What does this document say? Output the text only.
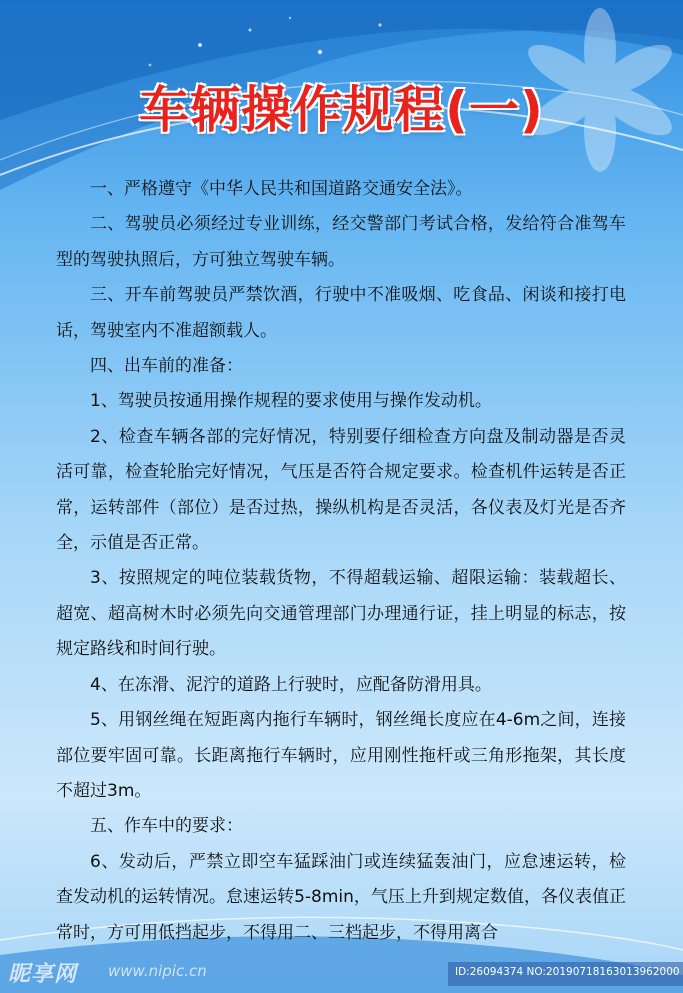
车辆操作规程(一)

一、严格遵守《中华人民共和国道路交通安全法》。

二、驾驶员必须经过专业训练，经交警部门考试合格，发给符合准驾车型的驾驶执照后，方可独立驾驶车辆。

三、开车前驾驶员严禁饮酒，行驶中不准吸烟、吃食品、闲谈和接打电话，驾驶室内不准超额载人。

四、出车前的准备：

1、驾驶员按通用操作规程的要求使用与操作发动机。

2、检查车辆各部的完好情况，特别要仔细检查方向盘及制动器是否灵活可靠，检查轮胎完好情况，气压是否符合规定要求。检查机件运转是否正常，运转部件（部位）是否过热，操纵机构是否灵活，各仪表及灯光是否齐全，示值是否正常。

3、按照规定的吨位装载货物，不得超载运输、超限运输：装载超长、超宽、超高树木时必须先向交通管理部门办理通行证，挂上明显的标志，按规定路线和时间行驶。

4、在冻滑、泥泞的道路上行驶时，应配备防滑用具。

5、用钢丝绳在短距离内拖行车辆时，钢丝绳长度应在4-6m之间，连接部位要牢固可靠。长距离拖行车辆时，应用刚性拖杆或三角形拖架，其长度不超过3m。

五、作车中的要求：

6、发动后，严禁立即空车猛踩油门或连续猛轰油门，应怠速运转，检查发动机的运转情况。怠速运转5-8min，气压上升到规定数值，各仪表值正常时，方可用低挡起步，不得用二、三档起步，不得用离合

昵享网 www.nipic.cn	ID:26094374 NO:20190718163013962000
